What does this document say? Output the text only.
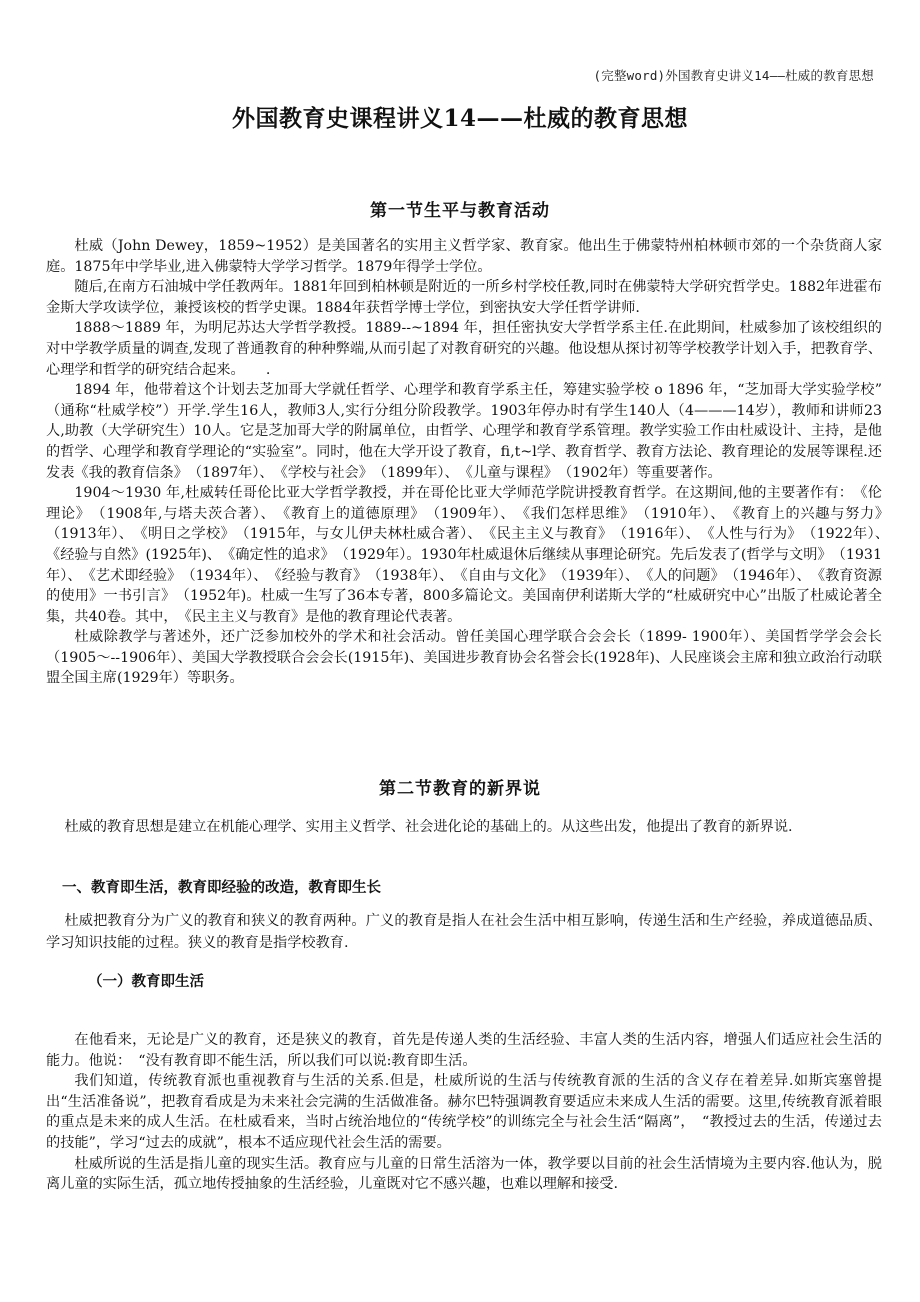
(完整word)外国教育史讲义14——杜威的教育思想
外国教育史课程讲义14——杜威的教育思想
第一节生平与教育活动

杜威（John Dewey，1859~1952）是美国著名的实用主义哲学家、教育家。他出生于佛蒙特州柏林顿市郊的一个杂货商人家庭。1875年中学毕业,进入佛蒙特大学学习哲学。1879年得学士学位。

随后,在南方石油城中学任教两年。1881年回到柏林顿是附近的一所乡村学校任教,同时在佛蒙特大学研究哲学史。1882年进霍布金斯大学攻读学位，兼授该校的哲学史课。1884年获哲学博士学位，到密执安大学任哲学讲师.

1888～1889 年，为明尼苏达大学哲学教授。1889--~1894 年，担任密执安大学哲学系主任.在此期间，杜威参加了该校组织的对中学教学质量的调查,发现了普通教育的种种弊端,从而引起了对教育研究的兴趣。他设想从探讨初等学校教学计划入手，把教育学、心理学和哲学的研究结合起来。　　.

1894 年，他带着这个计划去芝加哥大学就任哲学、心理学和教育学系主任，筹建实验学校 o 1896 年，“芝加哥大学实验学校”　（通称“杜威学校”）开学.学生16人，教师3人,实行分组分阶段教学。1903年停办时有学生140人（4———14岁），教师和讲师23人,助教（大学研究生）10人。它是芝加哥大学的附属单位，由哲学、心理学和教育学系管理。教学实验工作由杜威设计、主持，是他的哲学、心理学和教育学理论的“实验室”。同时，他在大学开设了教育，fi,t~l学、教育哲学、教育方法论、教育理论的发展等课程.还发表《我的教育信条》　（1897年）、　《学校与社会》　（1899年）、　《儿童与课程》　（1902年）等重要著作。

1904～1930 年,杜威转任哥伦比亚大学哲学教授，并在哥伦比亚大学师范学院讲授教育哲学。在这期间,他的主要著作有：　《伦理论》　（1908年,与塔夫茨合著）、　《教育上的道德原理》　（1909年）、　《我们怎样思维》　（1910年）、　《教育上的兴趣与努力》　（1913年）、　《明日之学校》　（1915年，与女儿伊夫林杜威合著）、　《民主主义与教育》　（1916年）、　《人性与行为》　（1922年）、　《经验与自然》(1925年)、　《确定性的追求》　（1929年）。1930年杜威退休后继续从事理论研究。先后发表了(哲学与文明》　（1931年）、　《艺术即经验》　（1934年）、　《经验与教育》　（1938年）、　《自由与文化》　（1939年）、　《人的问题》　（1946年）、　《教育资源的使用》一书引言》　（1952年)。杜威一生写了36本专著，800多篇论文。美国南伊利诺斯大学的“杜威研究中心”出版了杜威论著全集，共40卷。其中，　《民主主义与教育》是他的教育理论代表著。

杜威除教学与著述外，还广泛参加校外的学术和社会活动。曾任美国心理学联合会会长（1899- 1900年）、美国哲学学会会长（1905～--1906年）、美国大学教授联合会会长(1915年)、美国进步教育协会名誉会长(1928年)、人民座谈会主席和独立政治行动联盟全国主席(1929年）等职务。

第二节教育的新界说

杜威的教育思想是建立在机能心理学、实用主义哲学、社会进化论的基础上的。从这些出发，他提出了教育的新界说.

一、教育即生活，教育即经验的改造，教育即生长

杜威把教育分为广义的教育和狭义的教育两种。广义的教育是指人在社会生活中相互影响，传递生活和生产经验，养成道德品质、学习知识技能的过程。狭义的教育是指学校教育.

（一）教育即生活

在他看来，无论是广义的教育，还是狭义的教育，首先是传递人类的生活经验、丰富人类的生活内容，增强人们适应社会生活的能力。他说：　“没有教育即不能生活，所以我们可以说:教育即生活。

我们知道，传统教育派也重视教育与生活的关系.但是，杜威所说的生活与传统教育派的生活的含义存在着差异.如斯宾塞曾提出“生活准备说”，把教育看成是为未来社会完满的生活做准备。赫尔巴特强调教育要适应未来成人生活的需要。这里,传统教育派着眼的重点是未来的成人生活。在杜威看来，当时占统治地位的“传统学校”的训练完全与社会生活“隔离”，　“教授过去的生活，传递过去的技能”，学习“过去的成就”，根本不适应现代社会生活的需要。

杜威所说的生活是指儿童的现实生活。教育应与儿童的日常生活溶为一体，教学要以目前的社会生活情境为主要内容.他认为，脱离儿童的实际生活，孤立地传授抽象的生活经验，儿童既对它不感兴趣，也难以理解和接受.
